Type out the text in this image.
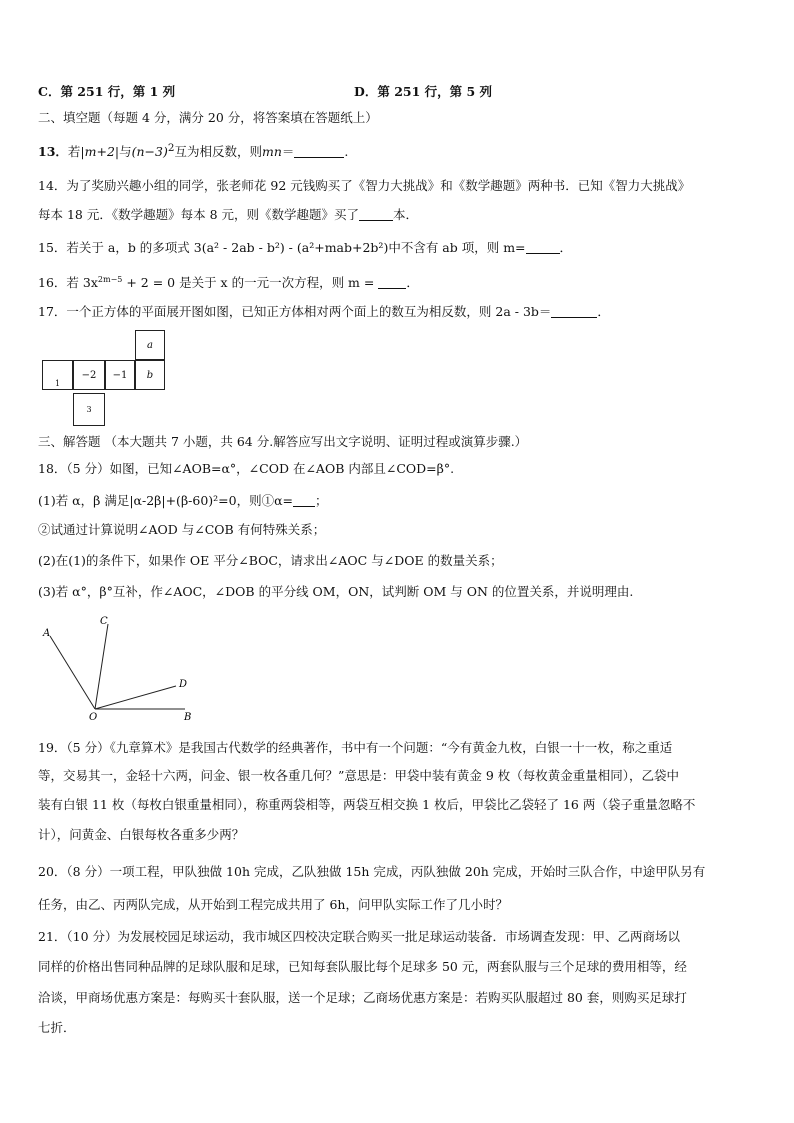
C．第 251 行，第 1 列	D．第 251 行，第 5 列
二、填空题（每题 4 分，满分 20 分，将答案填在答题纸上）
13．若|m+2|与$(n-3)^2$互为相反数，则mn＝	.
14．为了奖励兴趣小组的同学，张老师花 92 元钱购买了《智力大挑战》和《数学趣题》两种书．已知《智力大挑战》
每本 18 元．《数学趣题》每本 8 元，则《数学趣题》买了	本．
15．若关于 a，b 的多项式 3(a² - 2ab - b²) - (a²+mab+2b²)中不含有 ab 项，则 m=	．
16．若 $3x^{2m-5} + 2 = 0$ 是关于 x 的一元一次方程，则 m = ．
17．一个正方体的平面展开图如图，已知正方体相对两个面上的数互为相反数，则 2a - 3b＝	．
a
1
−2	−1	b
3
三、解答题 （本大题共 7 小题，共 64 分.解答应写出文字说明、证明过程或演算步骤.）
18．（5 分）如图，已知∠AOB=α°，∠COD 在∠AOB 内部且∠COD=β°.
(1)若 α，β 满足|α-2β|+(β-60)²=0，则①α= ；
②试通过计算说明∠AOD 与∠COB 有何特殊关系；
(2)在(1)的条件下，如果作 OE 平分∠BOC，请求出∠AOC 与∠DOE 的数量关系；
(3)若 α°，β°互补，作∠AOC，∠DOB 的平分线 OM，ON，试判断 OM 与 ON 的位置关系，并说明理由.
A
C
D
O	B
19．（5 分）《九章算术》是我国古代数学的经典著作，书中有一个问题：“今有黄金九枚，白银一十一枚，称之重适
等，交易其一，金轻十六两，问金、银一枚各重几何？”意思是：甲袋中装有黄金 9 枚（每枚黄金重量相同），乙袋中
装有白银 11 枚（每枚白银重量相同），称重两袋相等，两袋互相交换 1 枚后，甲袋比乙袋轻了 16 两（袋子重量忽略不
计），问黄金、白银每枚各重多少两？
20．（8 分）一项工程，甲队独做 10h 完成，乙队独做 15h 完成，丙队独做 20h 完成，开始时三队合作，中途甲队另有
任务，由乙、丙两队完成，从开始到工程完成共用了 6h，问甲队实际工作了几小时？
21．（10 分）为发展校园足球运动，我市城区四校决定联合购买一批足球运动装备．市场调查发现：甲、乙两商场以
同样的价格出售同种品牌的足球队服和足球，已知每套队服比每个足球多 50 元，两套队服与三个足球的费用相等，经
洽谈，甲商场优惠方案是：每购买十套队服，送一个足球；乙商场优惠方案是：若购买队服超过 80 套，则购买足球打
七折．
